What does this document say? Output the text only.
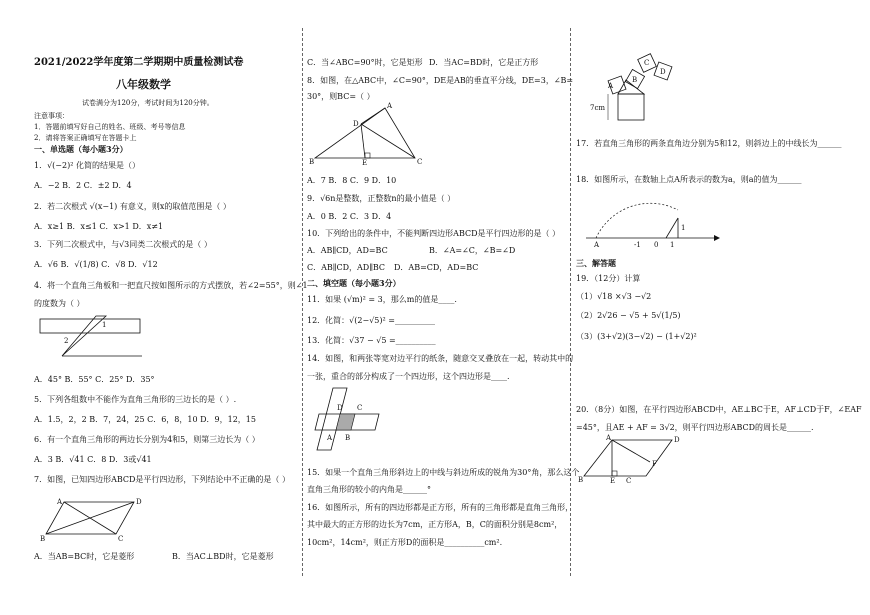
2021/2022学年度第二学期期中质量检测试卷
八年级数学
试卷满分为120分，考试时间为120分钟。
注意事项：
1．答题前填写好自己的姓名、班级、考号等信息
2．请将答案正确填写在答题卡上
一、单选题（每小题3分）
1．√(−2)² 化简的结果是（）
A．−2 B．2 C．±2 D．4
2．若二次根式 √(x−1) 有意义，则x的取值范围是（ ）
A．x≥1 B．x≤1 C．x>1 D．x≠1
3．下列二次根式中，与√3同类二次根式的是（ ）
A．√6 B．√(1/8) C．√8 D．√12
4．将一个直角三角板和一把直尺按如图所示的方式摆放，若∠2=55°，则∠1
的度数为（ ）
1
2
A．45° B．55° C．25° D．35°
5．下列各组数中不能作为直角三角形的三边长的是（ ）.
A．1.5，2，2 B．7，24，25 C．6，8，10 D．9，12，15
6．有一个直角三角形的两边长分别为4和5，则第三边长为（ ）
A．3 B．√41 C．8 D．3或√41
7．如图，已知四边形ABCD是平行四边形，下列结论中不正确的是（ ）
A	D
B	C
A．当AB=BC时，它是菱形	B．当AC⊥BD时，它是菱形
C．当∠ABC=90°时，它是矩形 D．当AC=BD时，它是正方形
8．如图，在△ABC中，∠C=90°，DE是AB的垂直平分线，DE=3，∠B=
30°，则BC=（ ）
A
D
B	E	C
A．7 B．8 C．9 D．10
9．√6n是整数，正整数n的最小值是（ ）
A．0 B．2 C．3 D．4
10．下列给出的条件中，不能判断四边形ABCD是平行四边形的是（ ）
A．AB∥CD，AD=BC	B．∠A=∠C，∠B=∠D
C．AB∥CD，AD∥BC D．AB=CD，AD=BC
二、填空题（每小题3分）
11．如果 (√m)² = 3，那么m的值是____.
12．化简：√(2−√5)² =__________
13．化简：√37 − √5 =__________
14．如图，和两张等宽对边平行的纸条，随意交叉叠放在一起，转动其中的
一张，重合的部分构成了一个四边形，这个四边形是____.
D C
A B
15．如果一个直角三角形斜边上的中线与斜边所成的锐角为30°角，那么这个
直角三角形的较小的内角是______°
16．如图所示，所有的四边形都是正方形，所有的三角形都是直角三角形，
其中最大的正方形的边长为7cm，正方形A，B，C的面积分别是8cm²，
10cm²，14cm²，则正方形D的面积是__________cm².
A
B
C
D
7cm
17．若直角三角形的两条直角边分别为5和12，则斜边上的中线长为______
18．如图所示，在数轴上点A所表示的数为a，则a的值为______
A	-1 0 1
1
三、解答题
19．（12分）计算
（1）√18 ×√3 −√2
（2）2√26 − √5 + 5√(1/5)
（3）(3+√2)(3−√2) − (1+√2)²
20．（8分）如图，在平行四边形ABCD中，AE⊥BC于E，AF⊥CD于F，∠EAF
=45°，且AE + AF = 3√2，则平行四边形ABCD的周长是______.
A	D
B	E C
F
